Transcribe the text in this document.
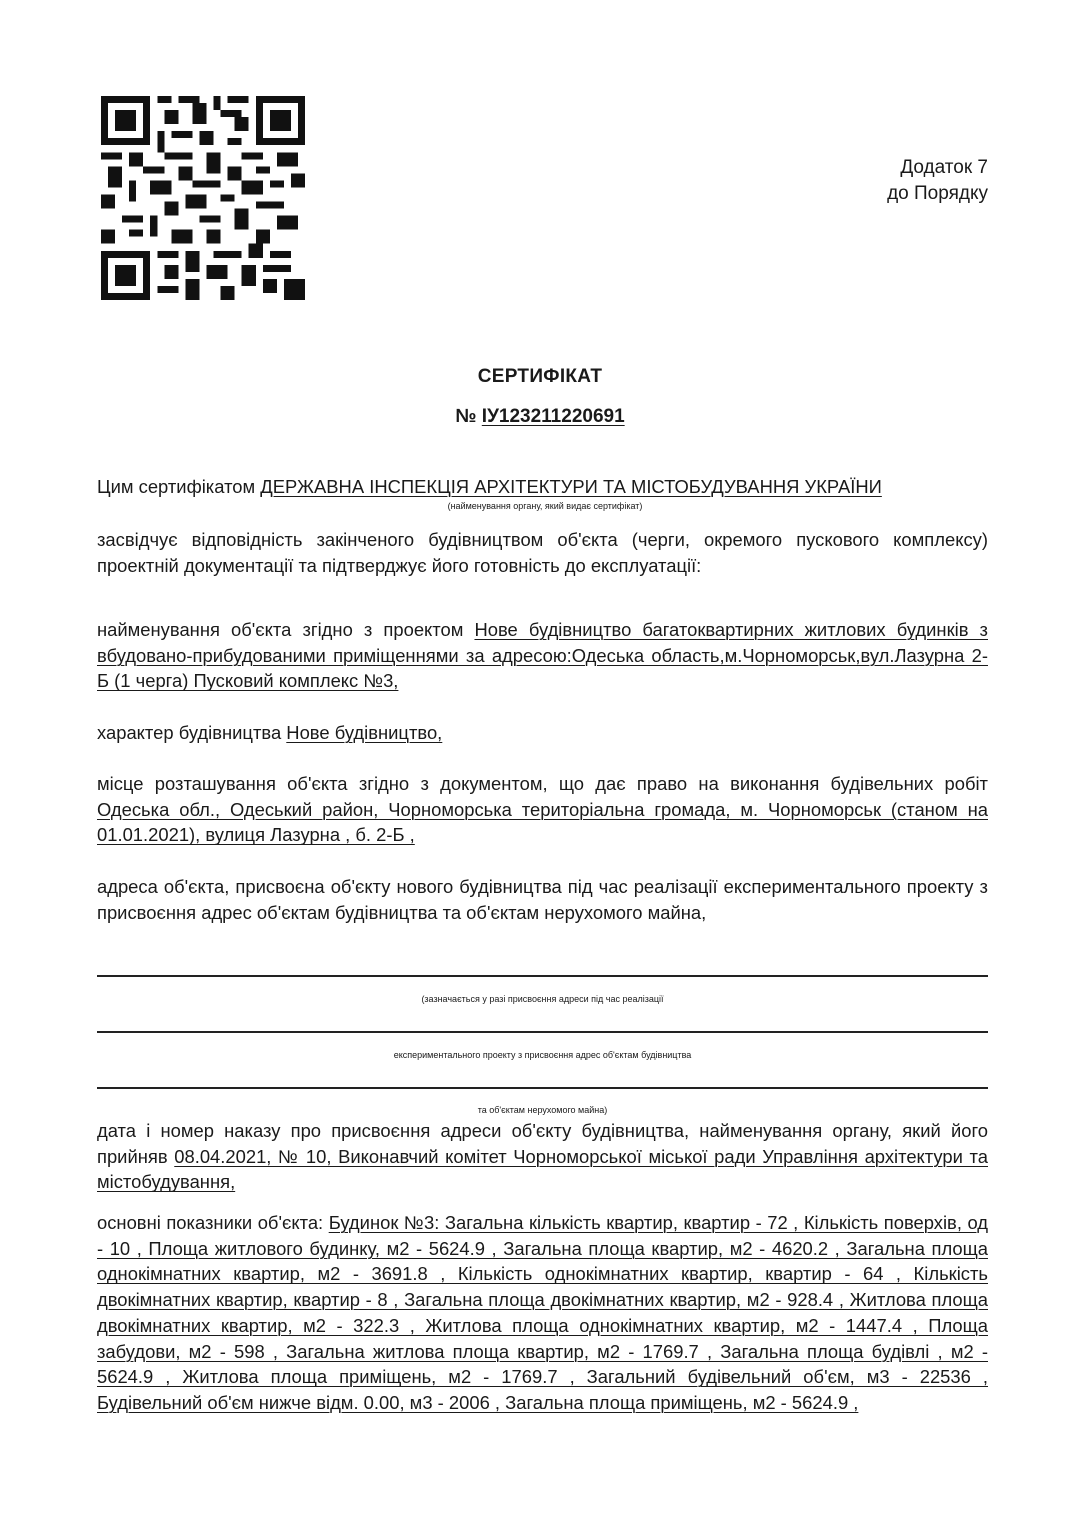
Додаток 7
до Порядку
СЕРТИФІКАТ
№ ІУ123211220691
Цим сертифікатом ДЕРЖАВНА ІНСПЕКЦІЯ АРХІТЕКТУРИ ТА МІСТОБУДУВАННЯ УКРАЇНИ
(найменування органу, який видає сертифікат)
засвідчує відповідність закінченого будівництвом об'єкта (черги, окремого пускового комплексу) проектній документації та підтверджує його готовність до експлуатації:
найменування об'єкта згідно з проектом Нове будівництво багатоквартирних житлових будинків з вбудовано-прибудованими приміщеннями за адресою:Одеська область,м.Чорноморськ,вул.Лазурна 2-Б (1 черга) Пусковий комплекс №3,
характер будівництва Нове будівництво,
місце розташування об'єкта згідно з документом, що дає право на виконання будівельних робіт Одеська обл., Одеський район, Чорноморська територіальна громада, м. Чорноморськ (станом на 01.01.2021), вулиця Лазурна , б. 2-Б ,
адреса об'єкта, присвоєна об'єкту нового будівництва під час реалізації експериментального проекту з присвоєння адрес об'єктам будівництва та об'єктам нерухомого майна,
(зазначається у разі присвоєння адреси під час реалізації
експериментального проекту з присвоєння адрес об'єктам будівництва
та об'єктам нерухомого майна)
дата і номер наказу про присвоєння адреси об'єкту будівництва, найменування органу, який його прийняв 08.04.2021, № 10, Виконавчий комітет Чорноморської міської ради Управління архітектури та містобудування,
основні показники об'єкта: Будинок №3: Загальна кількість квартир, квартир - 72 , Кількість поверхів, од - 10 , Площа житлового будинку, м2 - 5624.9 , Загальна площа квартир, м2 - 4620.2 , Загальна площа однокімнатних квартир, м2 - 3691.8 , Кількість однокімнатних квартир, квартир - 64 , Кількість двокімнатних квартир, квартир - 8 , Загальна площа двокімнатних квартир, м2 - 928.4 , Житлова площа двокімнатних квартир, м2 - 322.3 , Житлова площа однокімнатних квартир, м2 - 1447.4 , Площа забудови, м2 - 598 , Загальна житлова площа квартир, м2 - 1769.7 , Загальна площа будівлі , м2 - 5624.9 , Житлова площа приміщень, м2 - 1769.7 , Загальний будівельний об'єм, м3 - 22536 , Будівельний об'єм нижче відм. 0.00, м3 - 2006 , Загальна площа приміщень, м2 - 5624.9 ,
